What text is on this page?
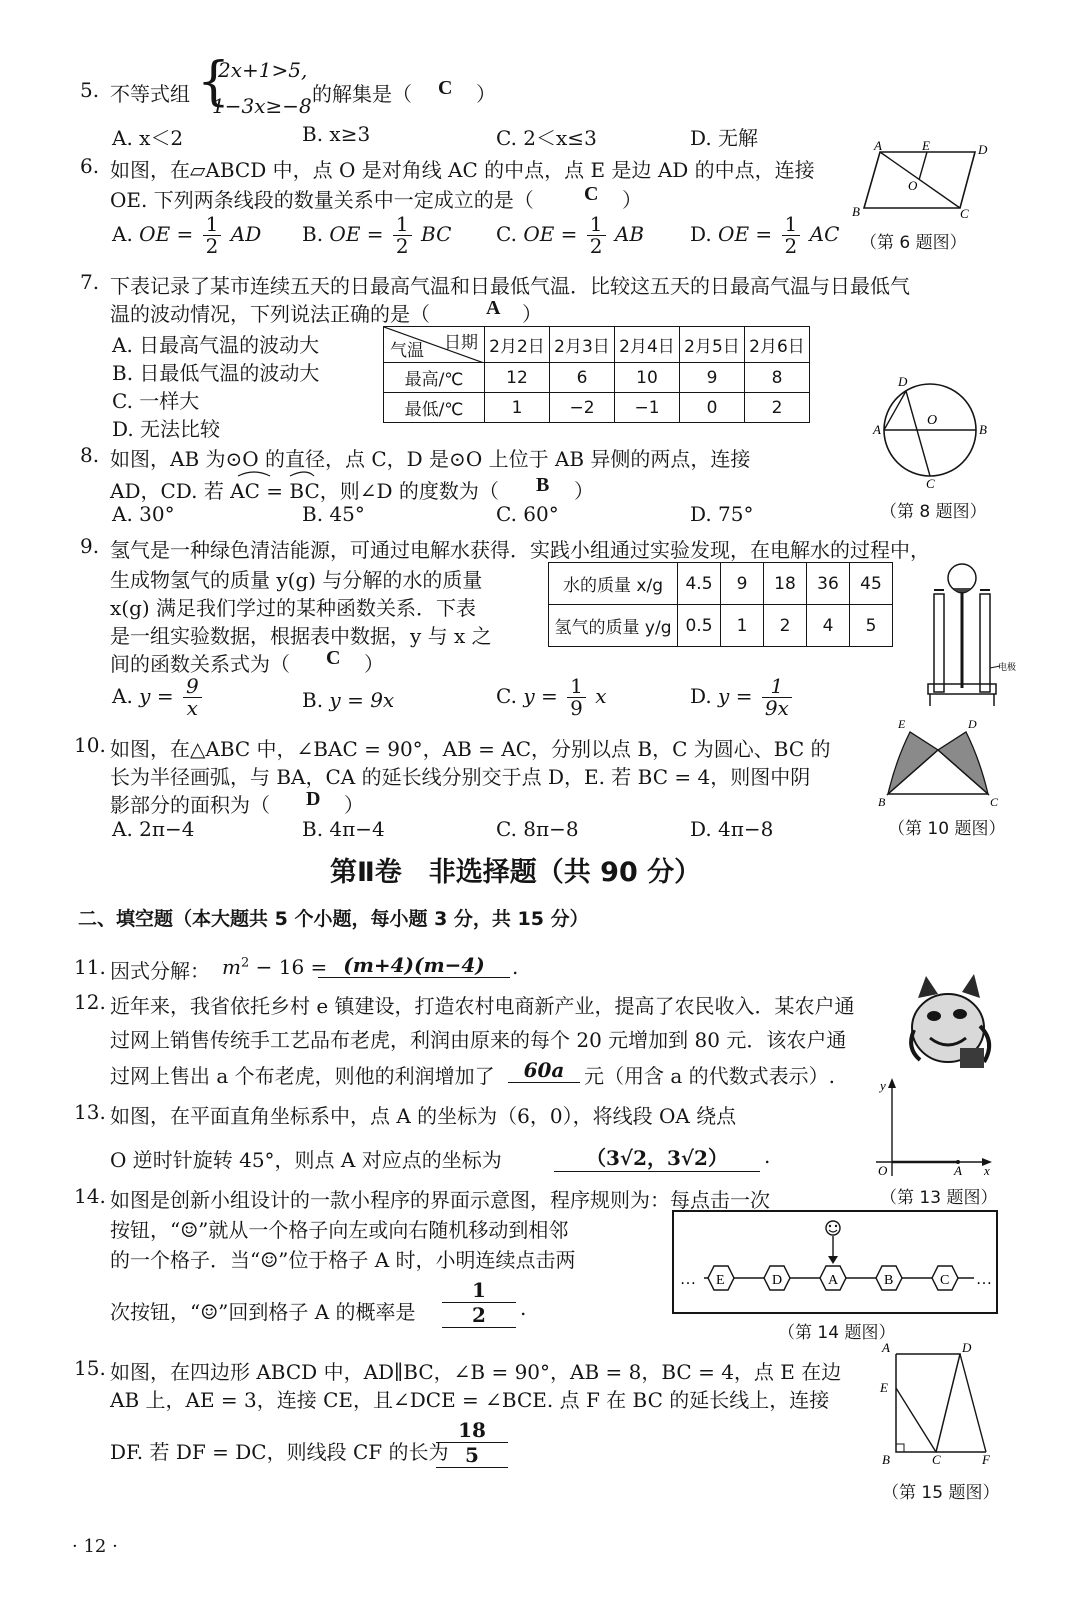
5. 不等式组 {
2x+1>5,
1−3x≥−8 的解集是（ C ）
A. x＜2	B. x≥3	C. 2＜x≤3	D. 无解
6. 如图，在▱ABCD 中，点 O 是对角线 AC 的中点，点 E 是边 AD 的中点，连接
OE. 下列两条线段的数量关系中一定成立的是（	C ）
A. OE = $\frac{1}{2}$ AD B. OE = $\frac{1}{2}$ BC C. OE = $\frac{1}{2}$ AB D. OE = $\frac{1}{2}$ AC
A	E	D
O
B	C
（第 6 题图）
7. 下表记录了某市连续五天的日最高气温和日最低气温．比较这五天的日最高气温与日最低气
温的波动情况，下列说法正确的是（	A ）
A. 日最高气温的波动大
B. 日最低气温的波动大
C. 一样大
D. 无法比较
日期
气温	2月2日	2月3日	2月4日	2月5日	2月6日
最高/℃	12	6	10	9	8
最低/℃	1	−2	−1	0	2
8. 如图，AB 为⊙O 的直径，点 C，D 是⊙O 上位于 AB 异侧的两点，连接
AD，CD. 若 AC = BC，则∠D 的度数为（ B ）
A. 30°	B. 45°	C. 60°	D. 75°
D
O
A	B
C
（第 8 题图）
9. 氢气是一种绿色清洁能源，可通过电解水获得．实践小组通过实验发现，在电解水的过程中，
生成物氢气的质量 y(g) 与分解的水的质量
x(g) 满足我们学过的某种函数关系．下表
是一组实验数据，根据表中数据，y 与 x 之
间的函数关系式为（ C ）
水的质量 x/g	4.5	9	18	36	45
氢气的质量 y/g	0.5	1	2	4	5
A. $y = \frac{9}{x}$	B. y = 9x	C. $y = \frac{1}{9}$ x	D. $y = \frac{1}{9x}$
电极
10. 如图，在△ABC 中，∠BAC = 90°，AB = AC，分别以点 B，C 为圆心、BC 的
长为半径画弧，与 BA，CA 的延长线分别交于点 D，E. 若 BC = 4，则图中阴
影部分的面积为（ D ）
A. 2π−4	B. 4π−4	C. 8π−8	D. 4π−8
E	D
B	C
（第 10 题图）
第Ⅱ卷　非选择题（共 90 分）
二、填空题（本大题共 5 个小题，每小题 3 分，共 15 分）
11. 因式分解： $m^2 - 16 = (m+4)(m-4)$	.
12. 近年来，我省依托乡村 e 镇建设，打造农村电商新产业，提高了农民收入．某农户通
过网上销售传统手工艺品布老虎，利润由原来的每个 20 元增加到 80 元．该农户通
过网上售出 a 个布老虎，则他的利润增加了	60a 元（用含 a 的代数式表示）.
13. 如图，在平面直角坐标系中，点 A 的坐标为（6，0），将线段 OA 绕点
O 逆时针旋转 45°，则点 A 对应点的坐标为	（3√2，3√2）	.
y
O	A x
（第 13 题图）
14. 如图是创新小组设计的一款小程序的界面示意图，程序规则为：每点击一次
按钮，“☺”就从一个格子向左或向右随机移动到相邻
的一个格子．当“☺”位于格子 A 时，小明连续点击两
次按钮，“☺”回到格子 A 的概率是
1
2	.
… E	D	A	B	C …
（第 14 题图）
15. 如图，在四边形 ABCD 中，AD∥BC，∠B = 90°，AB = 8，BC = 4，点 E 在边
AB 上，AE = 3，连接 CE，且∠DCE = ∠BCE. 点 F 在 BC 的延长线上，连接
DF. 若 DF = DC，则线段 CF 的长为
18
5
A	D
E
B	C	F
（第 15 题图）
· 12 ·
